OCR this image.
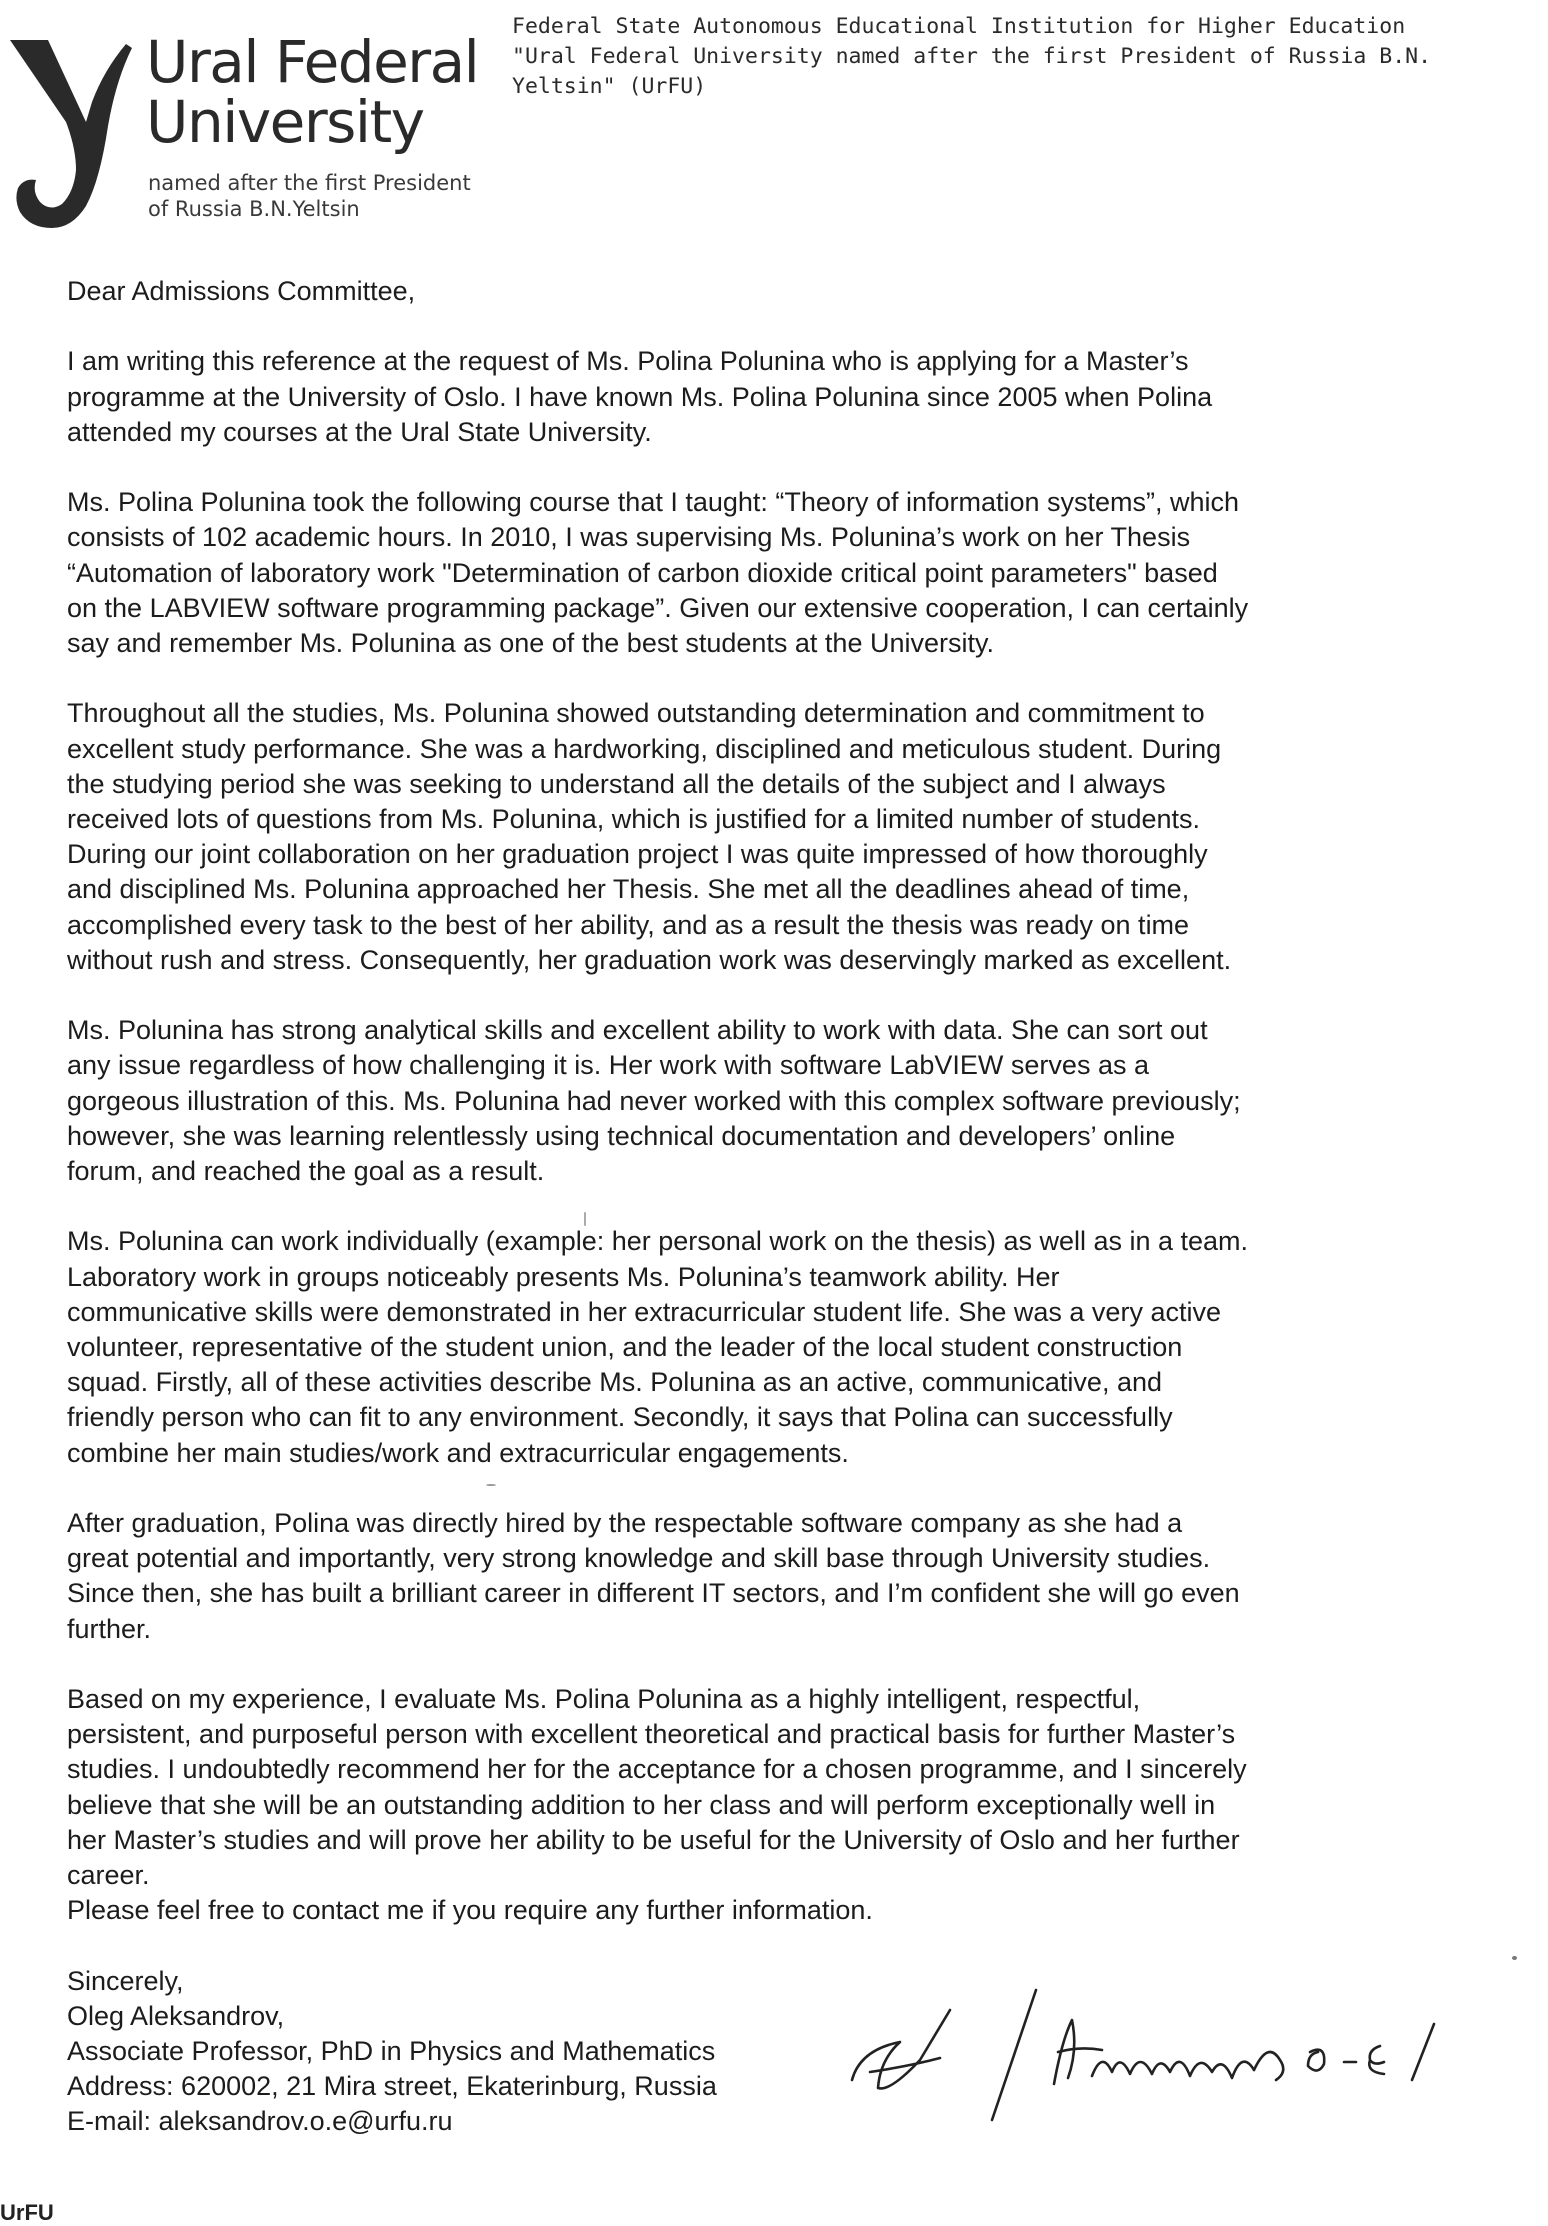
Ural Federal
University
named after the first President
of Russia B.N.Yeltsin
Federal State Autonomous Educational Institution for Higher Education
"Ural Federal University named after the first President of Russia B.N.
Yeltsin" (UrFU)

Dear Admissions Committee,

I am writing this reference at the request of Ms. Polina Polunina who is applying for a Master’s
programme at the University of Oslo. I have known Ms. Polina Polunina since 2005 when Polina
attended my courses at the Ural State University.

Ms. Polina Polunina took the following course that I taught: “Theory of information systems”, which
consists of 102 academic hours. In 2010, I was supervising Ms. Polunina’s work on her Thesis
“Automation of laboratory work "Determination of carbon dioxide critical point parameters" based
on the LABVIEW software programming package”. Given our extensive cooperation, I can certainly
say and remember Ms. Polunina as one of the best students at the University.

Throughout all the studies, Ms. Polunina showed outstanding determination and commitment to
excellent study performance. She was a hardworking, disciplined and meticulous student. During
the studying period she was seeking to understand all the details of the subject and I always
received lots of questions from Ms. Polunina, which is justified for a limited number of students.
During our joint collaboration on her graduation project I was quite impressed of how thoroughly
and disciplined Ms. Polunina approached her Thesis. She met all the deadlines ahead of time,
accomplished every task to the best of her ability, and as a result the thesis was ready on time
without rush and stress. Consequently, her graduation work was deservingly marked as excellent.

Ms. Polunina has strong analytical skills and excellent ability to work with data. She can sort out
any issue regardless of how challenging it is. Her work with software LabVIEW serves as a
gorgeous illustration of this. Ms. Polunina had never worked with this complex software previously;
however, she was learning relentlessly using technical documentation and developers’ online
forum, and reached the goal as a result.

Ms. Polunina can work individually (example: her personal work on the thesis) as well as in a team.
Laboratory work in groups noticeably presents Ms. Polunina’s teamwork ability. Her
communicative skills were demonstrated in her extracurricular student life. She was a very active
volunteer, representative of the student union, and the leader of the local student construction
squad. Firstly, all of these activities describe Ms. Polunina as an active, communicative, and
friendly person who can fit to any environment. Secondly, it says that Polina can successfully
combine her main studies/work and extracurricular engagements.

After graduation, Polina was directly hired by the respectable software company as she had a
great potential and importantly, very strong knowledge and skill base through University studies.
Since then, she has built a brilliant career in different IT sectors, and I’m confident she will go even
further.

Based on my experience, I evaluate Ms. Polina Polunina as a highly intelligent, respectful,
persistent, and purposeful person with excellent theoretical and practical basis for further Master’s
studies. I undoubtedly recommend her for the acceptance for a chosen programme, and I sincerely
believe that she will be an outstanding addition to her class and will perform exceptionally well in
her Master’s studies and will prove her ability to be useful for the University of Oslo and her further
career.

Please feel free to contact me if you require any further information.

Sincerely,
Oleg Aleksandrov,
Associate Professor, PhD in Physics and Mathematics
Address: 620002, 21 Mira street, Ekaterinburg, Russia
E-mail: aleksandrov.o.e@urfu.ru

UrFU
